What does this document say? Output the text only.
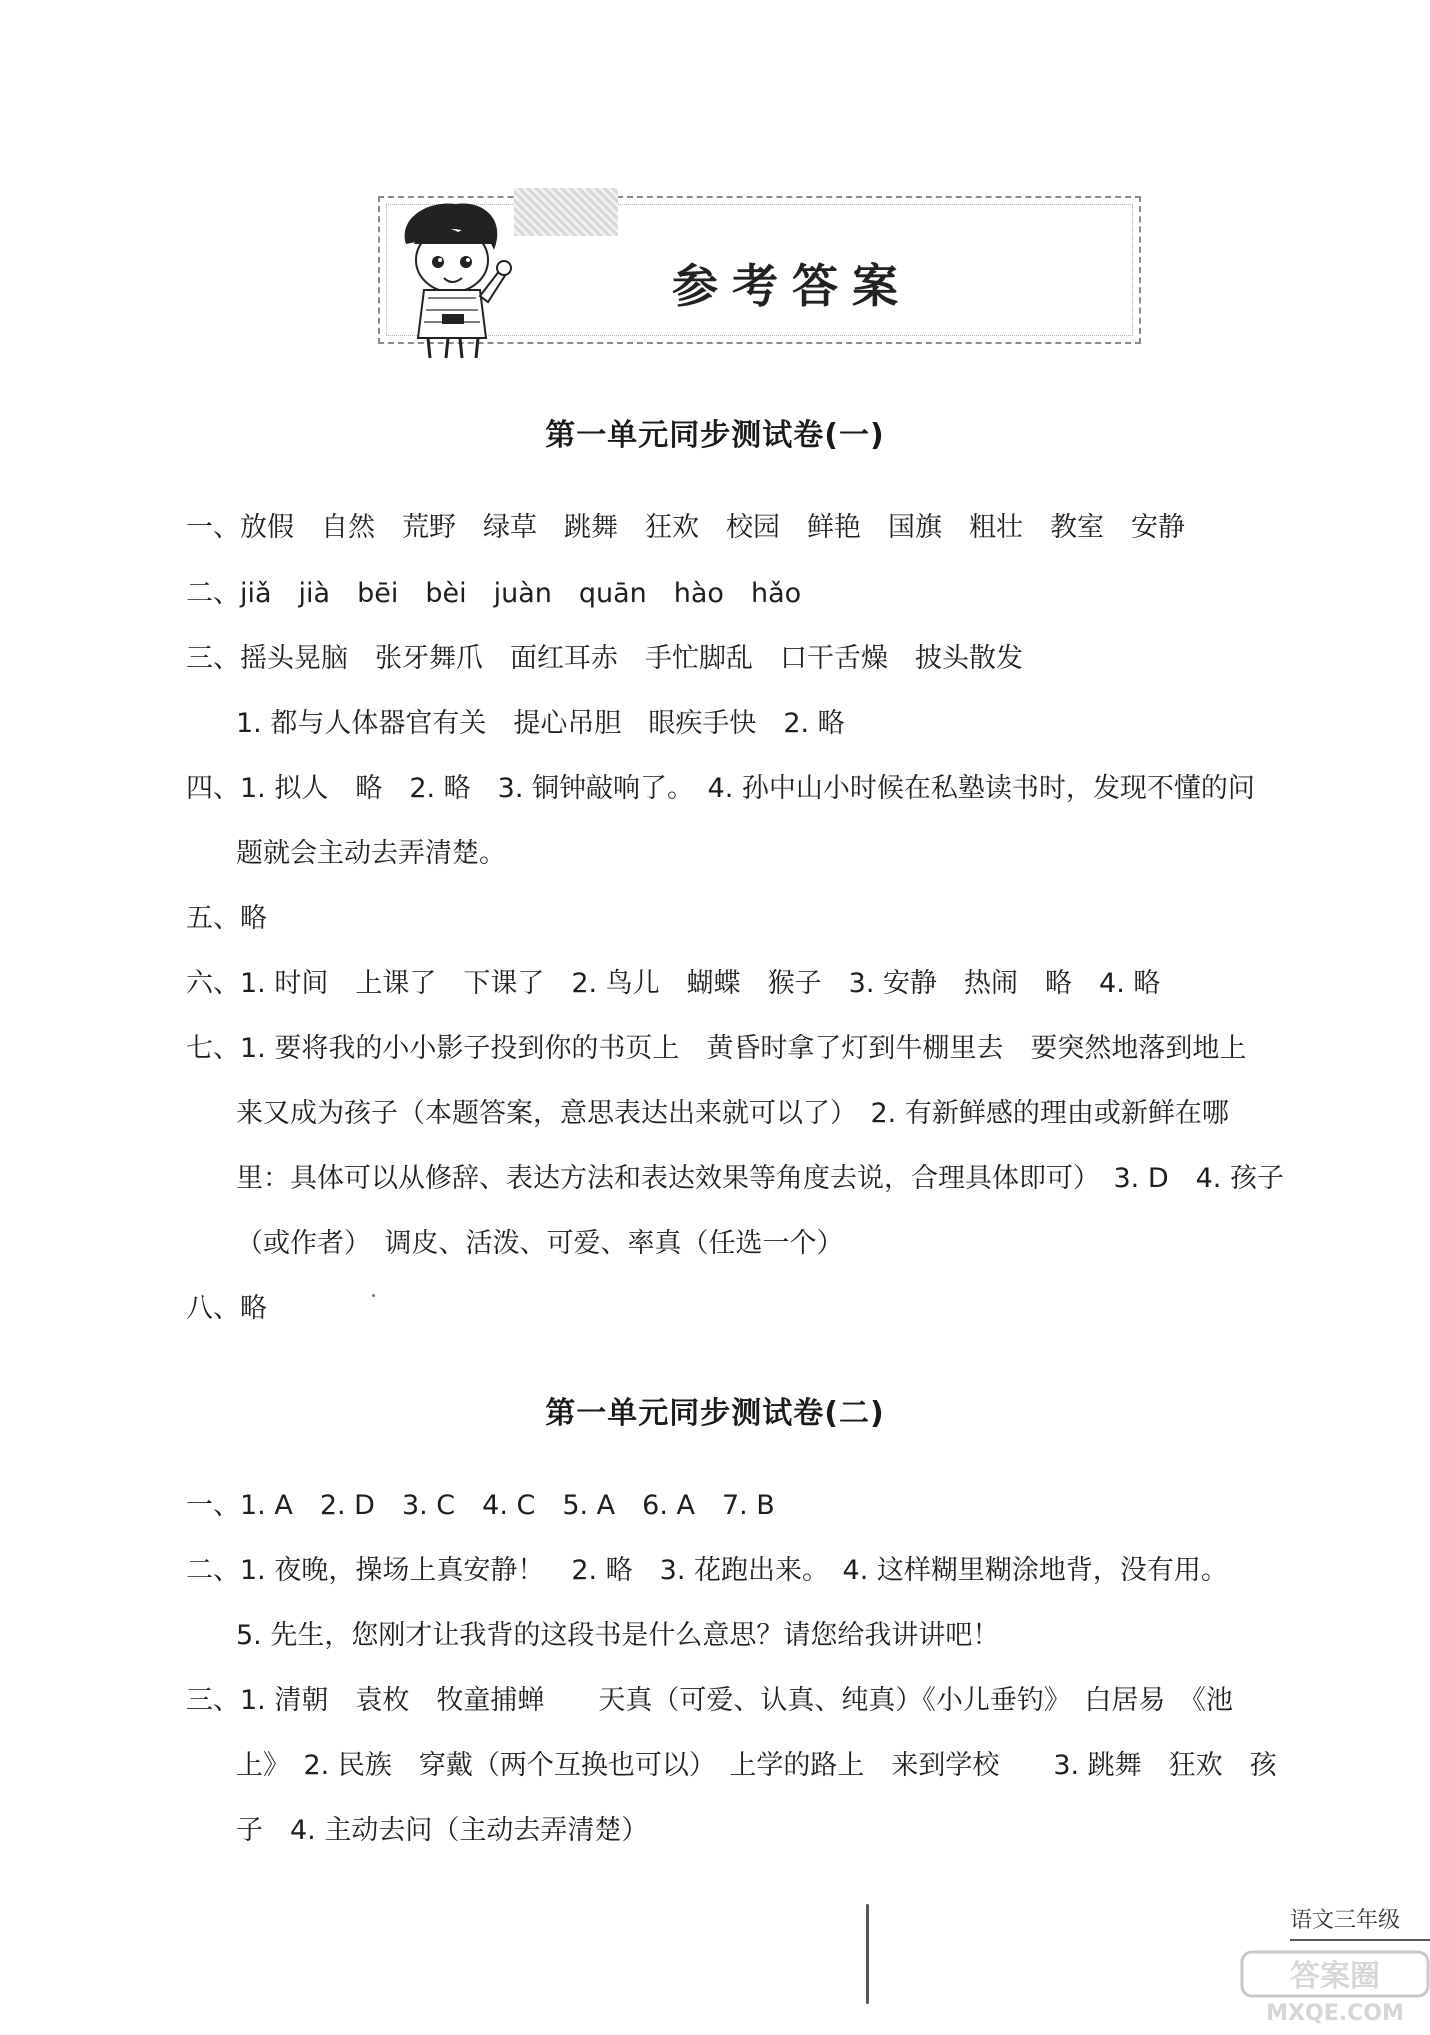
参考答案
第一单元同步测试卷(一)
一、放假　自然　荒野　绿草　跳舞　狂欢　校园　鲜艳　国旗　粗壮　教室　安静
二、jiǎ　jià　bēi　bèi　juàn　quān　hào　hǎo
三、摇头晃脑　张牙舞爪　面红耳赤　手忙脚乱　口干舌燥　披头散发
1. 都与人体器官有关　提心吊胆　眼疾手快　2. 略
四、1. 拟人　略　2. 略　3. 铜钟敲响了。　4. 孙中山小时候在私塾读书时，发现不懂的问
题就会主动去弄清楚。
五、略
六、1. 时间　上课了　下课了　2. 鸟儿　蝴蝶　猴子　3. 安静　热闹　略　4. 略
七、1. 要将我的小小影子投到你的书页上　黄昏时拿了灯到牛棚里去　要突然地落到地上
来又成为孩子（本题答案，意思表达出来就可以了）　2. 有新鲜感的理由或新鲜在哪
里：具体可以从修辞、表达方法和表达效果等角度去说，合理具体即可）　3. D　4. 孩子
（或作者）　调皮、活泼、可爱、率真（任选一个）
八、略
第一单元同步测试卷(二)
一、1. A　2. D　3. C　4. C　5. A　6. A　7. B
二、1. 夜晚，操场上真安静！　2. 略　3. 花跑出来。　4. 这样糊里糊涂地背，没有用。
5. 先生，您刚才让我背的这段书是什么意思？请您给我讲讲吧！
三、1. 清朝　袁枚　牧童捕蝉　　天真（可爱、认真、纯真）《小儿垂钓》　白居易　《池
上》　2. 民族　穿戴（两个互换也可以）　上学的路上　来到学校　　3. 跳舞　狂欢　孩
子　4. 主动去问（主动去弄清楚）
语文三年级
答案圈
MXQE.COM
